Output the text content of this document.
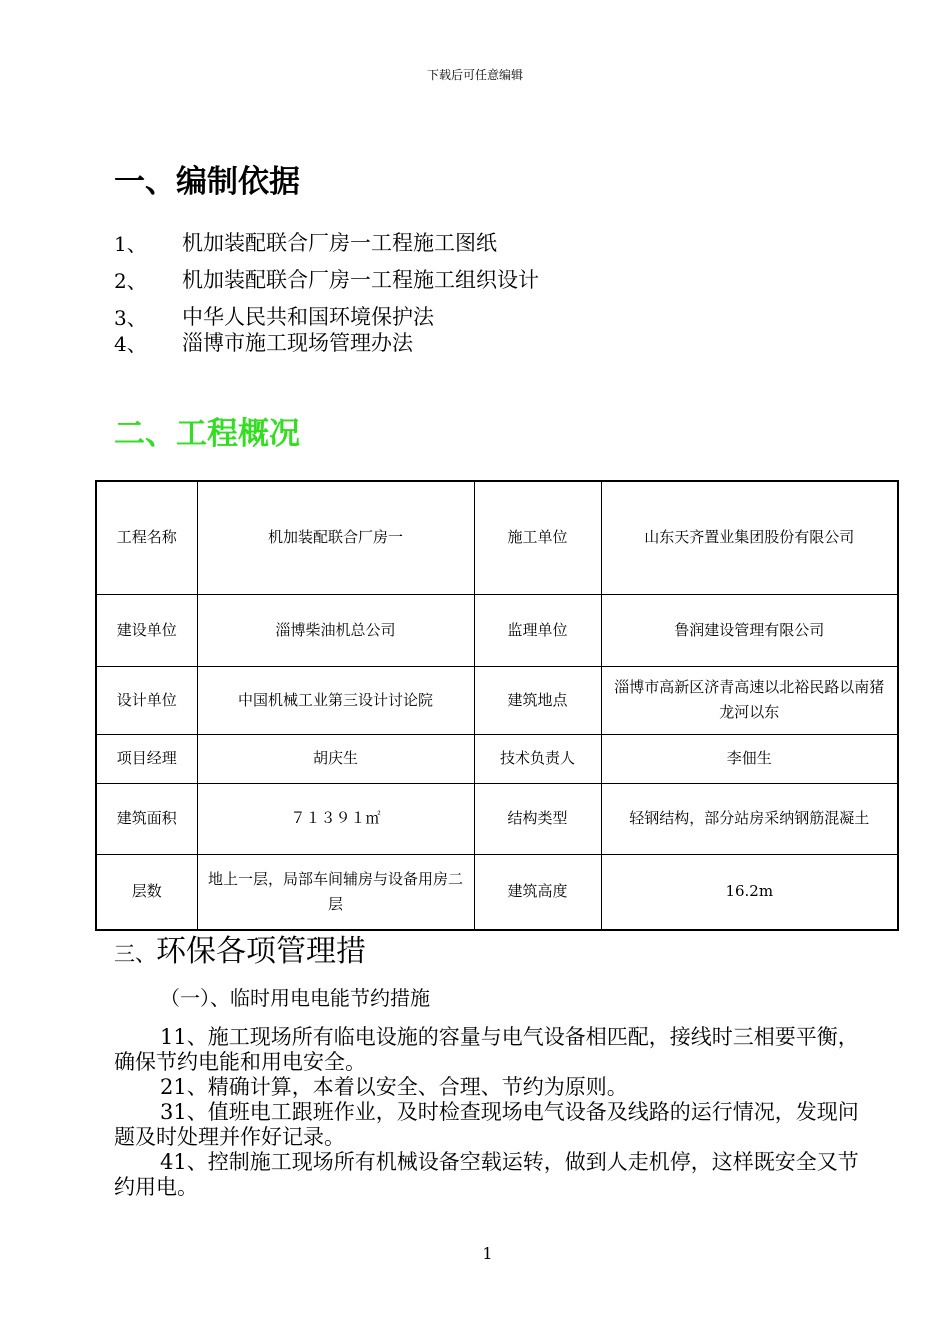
下载后可任意编辑
一、编制依据
1、 机加装配联合厂房一工程施工图纸
2、 机加装配联合厂房一工程施工组织设计
3、 中华人民共和国环境保护法
4、 淄博市施工现场管理办法
二、工程概况
工程名称	机加装配联合厂房一	施工单位	山东天齐置业集团股份有限公司
建设单位	淄博柴油机总公司	监理单位	鲁润建设管理有限公司
设计单位	中国机械工业第三设计讨论院	建筑地点	淄博市高新区济青高速以北裕民路以南猪龙河以东
项目经理	胡庆生	技术负责人	李佃生
建筑面积	７１３９１㎡	结构类型	轻钢结构，部分站房采纳钢筋混凝土
层数	地上一层，局部车间辅房与设备用房二层	建筑高度	16.2m
三、环保各项管理措
（一）、临时用电电能节约措施
11、施工现场所有临电设施的容量与电气设备相匹配，接线时三相要平衡，确保节约电能和用电安全。
21、精确计算，本着以安全、合理、节约为原则。
31、值班电工跟班作业，及时检查现场电气设备及线路的运行情况，发现问题及时处理并作好记录。
41、控制施工现场所有机械设备空载运转，做到人走机停，这样既安全又节约用电。
1
